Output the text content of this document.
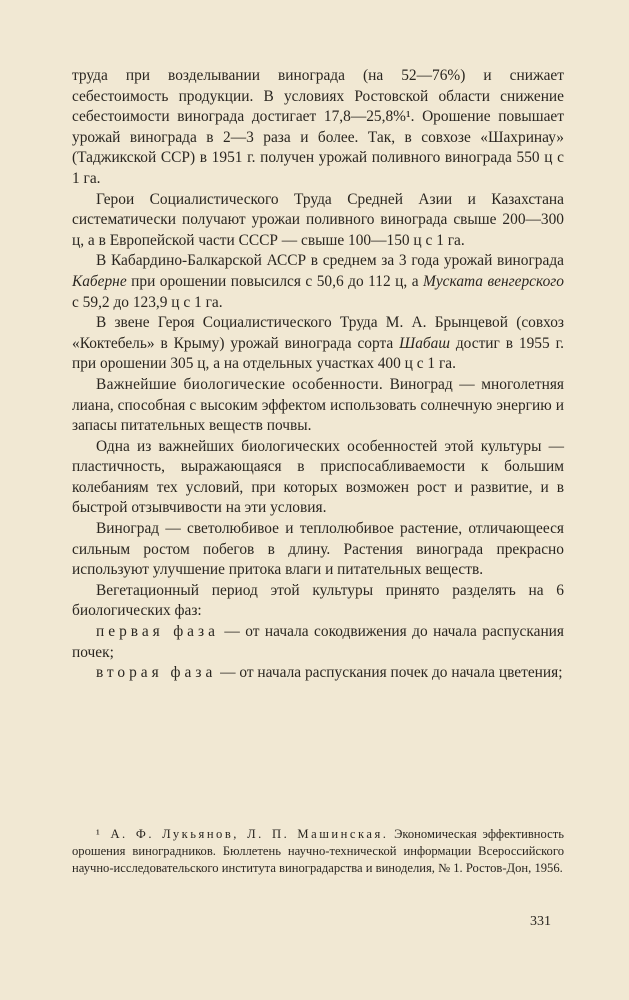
труда при возделывании винограда (на 52—76%) и снижает себестоимость продукции. В условиях Ростовской области снижение себестоимости винограда достигает 17,8—25,8%¹. Орошение повышает урожай винограда в 2—3 раза и более. Так, в совхозе «Шахринау» (Таджикской ССР) в 1951 г. получен урожай поливного винограда 550 ц с 1 га.

Герои Социалистического Труда Средней Азии и Казахстана систематически получают урожаи поливного винограда свыше 200—300 ц, а в Европейской части СССР — свыше 100—150 ц с 1 га.

В Кабардино-Балкарской АССР в среднем за 3 года урожай винограда Каберне при орошении повысился с 50,6 до 112 ц, а Муската венгерского с 59,2 до 123,9 ц с 1 га.

В звене Героя Социалистического Труда М. А. Брынцевой (совхоз «Коктебель» в Крыму) урожай винограда сорта Шабаш достиг в 1955 г. при орошении 305 ц, а на отдельных участках 400 ц с 1 га.

Важнейшие биологические особенности. Виноград — многолетняя лиана, способная с высоким эффектом использовать солнечную энергию и запасы питательных веществ почвы.

Одна из важнейших биологических особенностей этой культуры — пластичность, выражающаяся в приспосабливаемости к большим колебаниям тех условий, при которых возможен рост и развитие, и в быстрой отзывчивости на эти условия.

Виноград — светолюбивое и теплолюбивое растение, отличающееся сильным ростом побегов в длину. Растения винограда прекрасно используют улучшение притока влаги и питательных веществ.

Вегетационный период этой культуры принято разделять на 6 биологических фаз:

первая фаза — от начала сокодвижения до начала распускания почек;

вторая фаза — от начала распускания почек до начала цветения;

¹ А. Ф. Лукьянов, Л. П. Машинская. Экономическая эффективность орошения виноградников. Бюллетень научно-технической информации Всероссийского научно-исследовательского института виноградарства и виноделия, № 1. Ростов-Дон, 1956.

331
